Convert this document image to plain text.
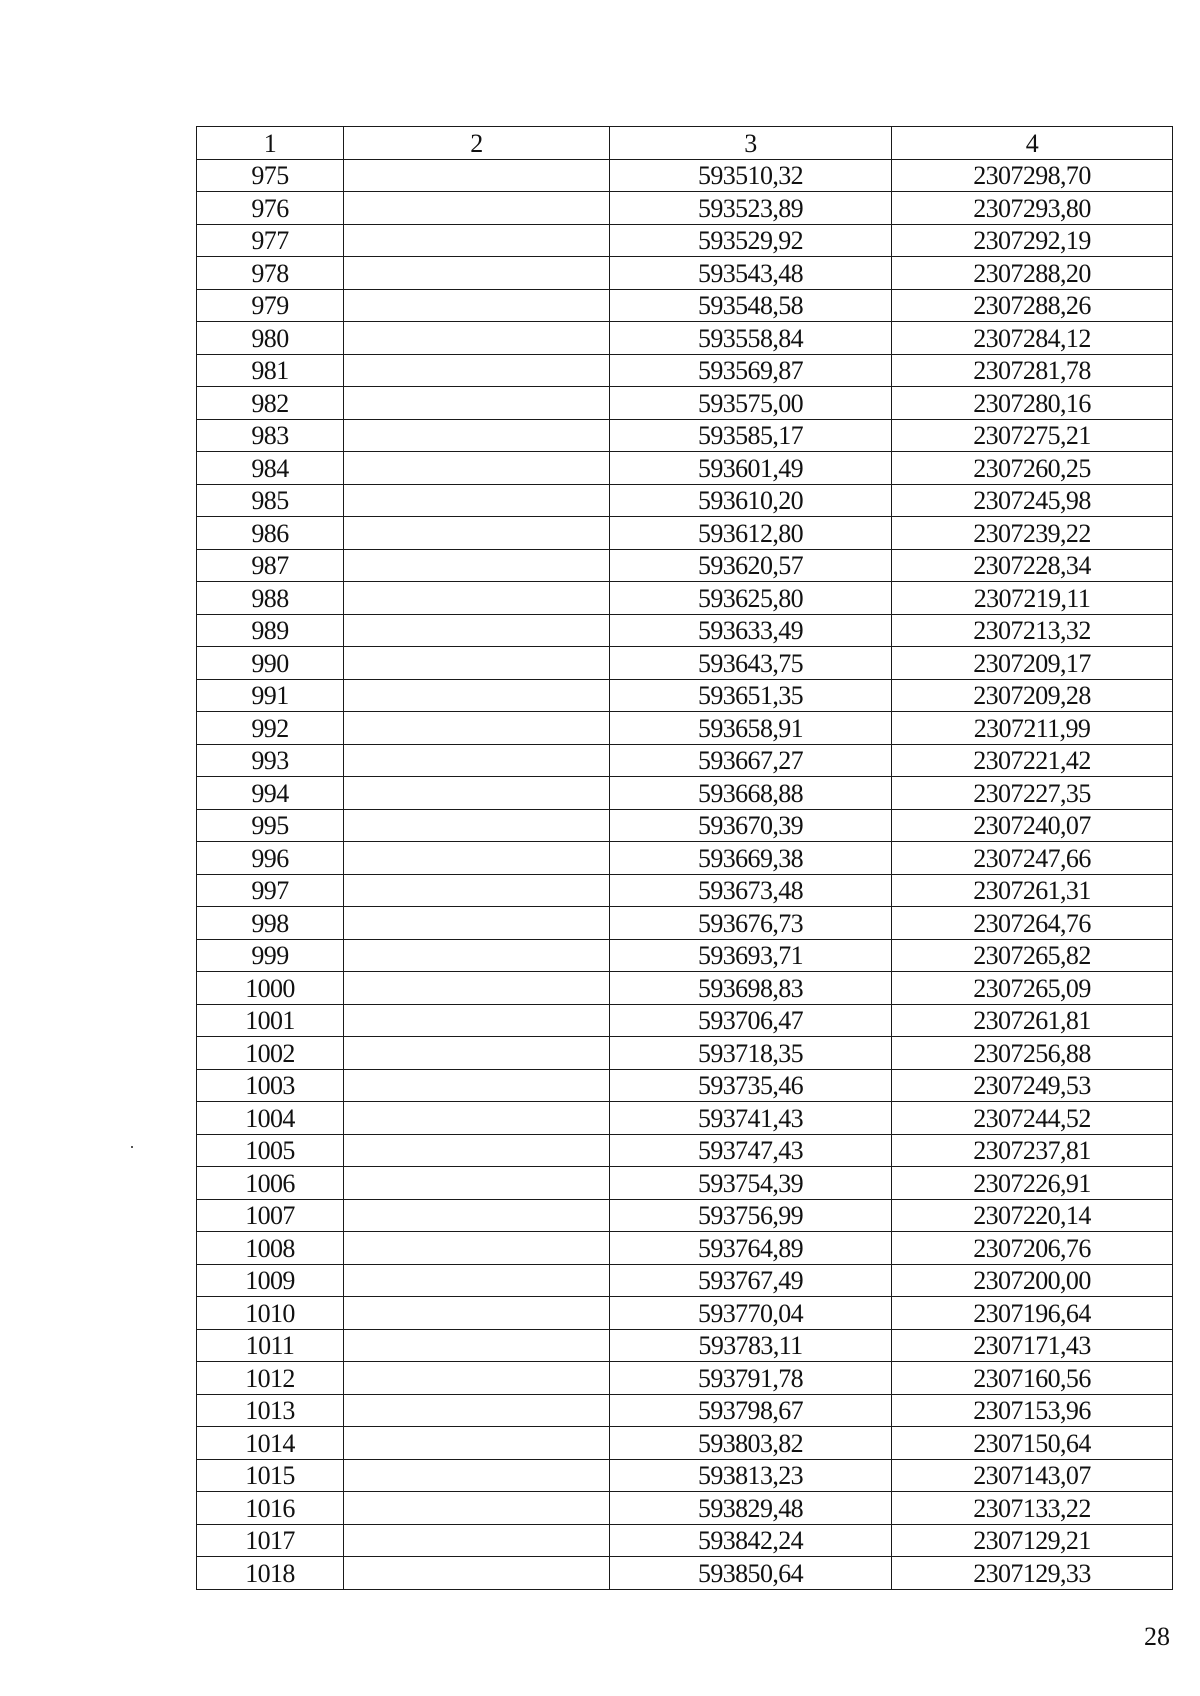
1	2	3	4
975		593510,32	2307298,70
976		593523,89	2307293,80
977		593529,92	2307292,19
978		593543,48	2307288,20
979		593548,58	2307288,26
980		593558,84	2307284,12
981		593569,87	2307281,78
982		593575,00	2307280,16
983		593585,17	2307275,21
984		593601,49	2307260,25
985		593610,20	2307245,98
986		593612,80	2307239,22
987		593620,57	2307228,34
988		593625,80	2307219,11
989		593633,49	2307213,32
990		593643,75	2307209,17
991		593651,35	2307209,28
992		593658,91	2307211,99
993		593667,27	2307221,42
994		593668,88	2307227,35
995		593670,39	2307240,07
996		593669,38	2307247,66
997		593673,48	2307261,31
998		593676,73	2307264,76
999		593693,71	2307265,82
1000		593698,83	2307265,09
1001		593706,47	2307261,81
1002		593718,35	2307256,88
1003		593735,46	2307249,53
1004		593741,43	2307244,52
1005		593747,43	2307237,81
1006		593754,39	2307226,91
1007		593756,99	2307220,14
1008		593764,89	2307206,76
1009		593767,49	2307200,00
1010		593770,04	2307196,64
1011		593783,11	2307171,43
1012		593791,78	2307160,56
1013		593798,67	2307153,96
1014		593803,82	2307150,64
1015		593813,23	2307143,07
1016		593829,48	2307133,22
1017		593842,24	2307129,21
1018		593850,64	2307129,33
28
